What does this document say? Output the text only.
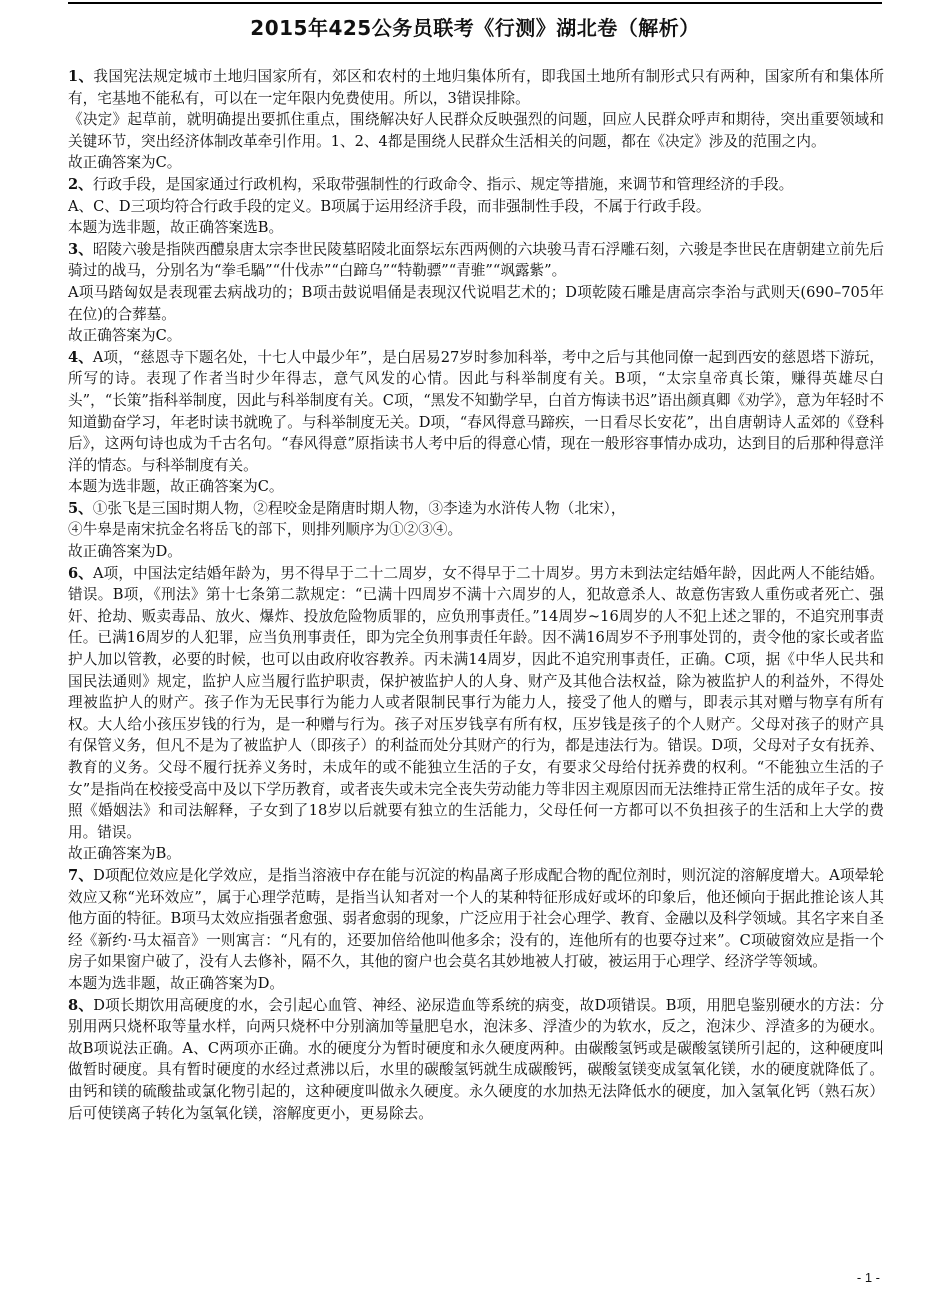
2015年425公务员联考《行测》湖北卷（解析）

1、我国宪法规定城市土地归国家所有，郊区和农村的土地归集体所有，即我国土地所有制形式只有两种，国家所有和集体所有，宅基地不能私有，可以在一定年限内免费使用。所以，3错误排除。

《决定》起草前，就明确提出要抓住重点，围绕解决好人民群众反映强烈的问题，回应人民群众呼声和期待，突出重要领域和关键环节，突出经济体制改革牵引作用。1、2、4都是围绕人民群众生活相关的问题，都在《决定》涉及的范围之内。

故正确答案为C。

2、行政手段，是国家通过行政机构，采取带强制性的行政命令、指示、规定等措施，来调节和管理经济的手段。

A、C、D三项均符合行政手段的定义。B项属于运用经济手段，而非强制性手段，不属于行政手段。

本题为选非题，故正确答案选B。

3、昭陵六骏是指陕西醴泉唐太宗李世民陵墓昭陵北面祭坛东西两侧的六块骏马青石浮雕石刻，六骏是李世民在唐朝建立前先后骑过的战马，分别名为“拳毛騧”“什伐赤”“白蹄乌”“特勒骠”“青骓”“飒露紫”。

A项马踏匈奴是表现霍去病战功的；B项击鼓说唱俑是表现汉代说唱艺术的；D项乾陵石雕是唐高宗李治与武则天(690–705年在位)的合葬墓。

故正确答案为C。

4、A项，“慈恩寺下题名处，十七人中最少年”，是白居易27岁时参加科举，考中之后与其他同僚一起到西安的慈恩塔下游玩，所写的诗。表现了作者当时少年得志，意气风发的心情。因此与科举制度有关。B项，“太宗皇帝真长策，赚得英雄尽白头”，“长策”指科举制度，因此与科举制度有关。C项，“黑发不知勤学早，白首方悔读书迟”语出颜真卿《劝学》，意为年轻时不知道勤奋学习，年老时读书就晚了。与科举制度无关。D项，“春风得意马蹄疾，一日看尽长安花”，出自唐朝诗人孟郊的《登科后》，这两句诗也成为千古名句。“春风得意”原指读书人考中后的得意心情，现在一般形容事情办成功，达到目的后那种得意洋洋的情态。与科举制度有关。

本题为选非题，故正确答案为C。

5、①张飞是三国时期人物，②程咬金是隋唐时期人物，③李逵为水浒传人物（北宋），

④牛皋是南宋抗金名将岳飞的部下，则排列顺序为①②③④。

故正确答案为D。

6、A项，中国法定结婚年龄为，男不得早于二十二周岁，女不得早于二十周岁。男方未到法定结婚年龄，因此两人不能结婚。错误。B项，《刑法》第十七条第二款规定：“已满十四周岁不满十六周岁的人，犯故意杀人、故意伤害致人重伤或者死亡、强奸、抢劫、贩卖毒品、放火、爆炸、投放危险物质罪的，应负刑事责任。”14周岁~16周岁的人不犯上述之罪的，不追究刑事责任。已满16周岁的人犯罪，应当负刑事责任，即为完全负刑事责任年龄。因不满16周岁不予刑事处罚的，责令他的家长或者监护人加以管教，必要的时候，也可以由政府收容教养。丙未满14周岁，因此不追究刑事责任，正确。C项，据《中华人民共和国民法通则》规定，监护人应当履行监护职责，保护被监护人的人身、财产及其他合法权益，除为被监护人的利益外，不得处理被监护人的财产。孩子作为无民事行为能力人或者限制民事行为能力人，接受了他人的赠与，即表示其对赠与物享有所有权。大人给小孩压岁钱的行为，是一种赠与行为。孩子对压岁钱享有所有权，压岁钱是孩子的个人财产。父母对孩子的财产具有保管义务，但凡不是为了被监护人（即孩子）的利益而处分其财产的行为，都是违法行为。错误。D项，父母对子女有抚养、教育的义务。父母不履行抚养义务时，未成年的或不能独立生活的子女，有要求父母给付抚养费的权利。“不能独立生活的子女”是指尚在校接受高中及以下学历教育，或者丧失或未完全丧失劳动能力等非因主观原因而无法维持正常生活的成年子女。按照《婚姻法》和司法解释，子女到了18岁以后就要有独立的生活能力，父母任何一方都可以不负担孩子的生活和上大学的费用。错误。

故正确答案为B。

7、D项配位效应是化学效应，是指当溶液中存在能与沉淀的构晶离子形成配合物的配位剂时，则沉淀的溶解度增大。A项晕轮效应又称“光环效应”，属于心理学范畴，是指当认知者对一个人的某种特征形成好或坏的印象后，他还倾向于据此推论该人其他方面的特征。B项马太效应指强者愈强、弱者愈弱的现象，广泛应用于社会心理学、教育、金融以及科学领域。其名字来自圣经《新约·马太福音》一则寓言：“凡有的，还要加倍给他叫他多余；没有的，连他所有的也要夺过来”。C项破窗效应是指一个房子如果窗户破了，没有人去修补，隔不久，其他的窗户也会莫名其妙地被人打破，被运用于心理学、经济学等领域。

本题为选非题，故正确答案为D。

8、D项长期饮用高硬度的水，会引起心血管、神经、泌尿造血等系统的病变，故D项错误。B项，用肥皂鉴别硬水的方法：分别用两只烧杯取等量水样，向两只烧杯中分别滴加等量肥皂水，泡沫多、浮渣少的为软水，反之，泡沫少、浮渣多的为硬水。故B项说法正确。A、C两项亦正确。水的硬度分为暂时硬度和永久硬度两种。由碳酸氢钙或是碳酸氢镁所引起的，这种硬度叫做暂时硬度。具有暂时硬度的水经过煮沸以后，水里的碳酸氢钙就生成碳酸钙，碳酸氢镁变成氢氧化镁，水的硬度就降低了。由钙和镁的硫酸盐或氯化物引起的，这种硬度叫做永久硬度。永久硬度的水加热无法降低水的硬度，加入氢氧化钙（熟石灰）后可使镁离子转化为氢氧化镁，溶解度更小，更易除去。

- 1 -
